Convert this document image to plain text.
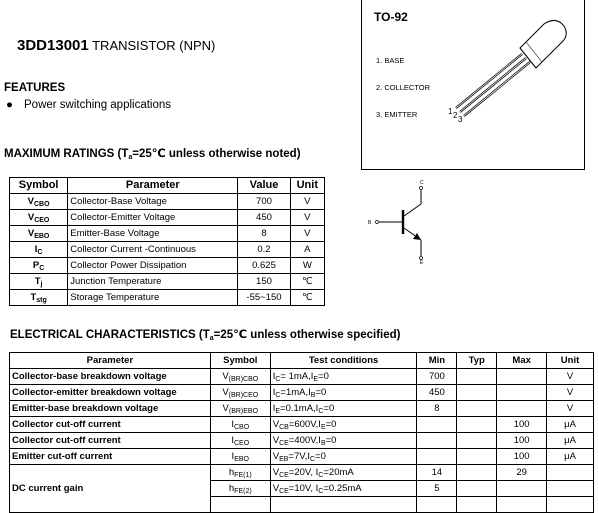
3DD13001 TRANSISTOR (NPN)
FEATURES
● Power switching applications
MAXIMUM RATINGS ($T_a=25℃$ unless otherwise noted)
Symbol	Parameter	Value	Unit
$V_{CBO}$	Collector-Base Voltage	700	V
$V_{CEO}$	Collector-Emitter Voltage	450	V
$V_{EBO}$	Emitter-Base Voltage	8	V
$I_C$	Collector Current -Continuous	0.2	A
$P_C$	Collector Power Dissipation	0.625	W
$T_j$	Junction Temperature	150	℃
$T_{stg}$	Storage Temperature	-55~150	℃
TO-92
1. BASE
2. COLLECTOR
3. EMITTER	1 2 3
C
B
E
ELECTRICAL CHARACTERISTICS ($T_a=25℃$ unless otherwise specified)
Parameter	Symbol	Test conditions	Min	Typ	Max	Unit
Collector-base breakdown voltage	$V_{(BR)CBO}$	$I_C= 1mA,I_E=0$	700			V
Collector-emitter breakdown voltage	$V_{(BR)CEO}$	$I_C=1mA,I_B=0$	450			V
Emitter-base breakdown voltage	$V_{(BR)EBO}$	$I_E=0.1mA,I_C=0$	8			V
Collector cut-off current	$I_{CBO}$	$V_{CB}=600V,I_E=0$			100	μA
Collector cut-off current	$I_{CEO}$	$V_{CE}=400V,I_B=0$			100	μA
Emitter cut-off current	$I_{EBO}$	$V_{EB}=7V,I_C=0$			100	μA
DC current gain	$h_{FE(1)}$	$V_{CE}=20V$, $I_C=20mA$	14		29	
	$h_{FE(2)}$	$V_{CE}=10V$, $I_C=0.25mA$	5			
